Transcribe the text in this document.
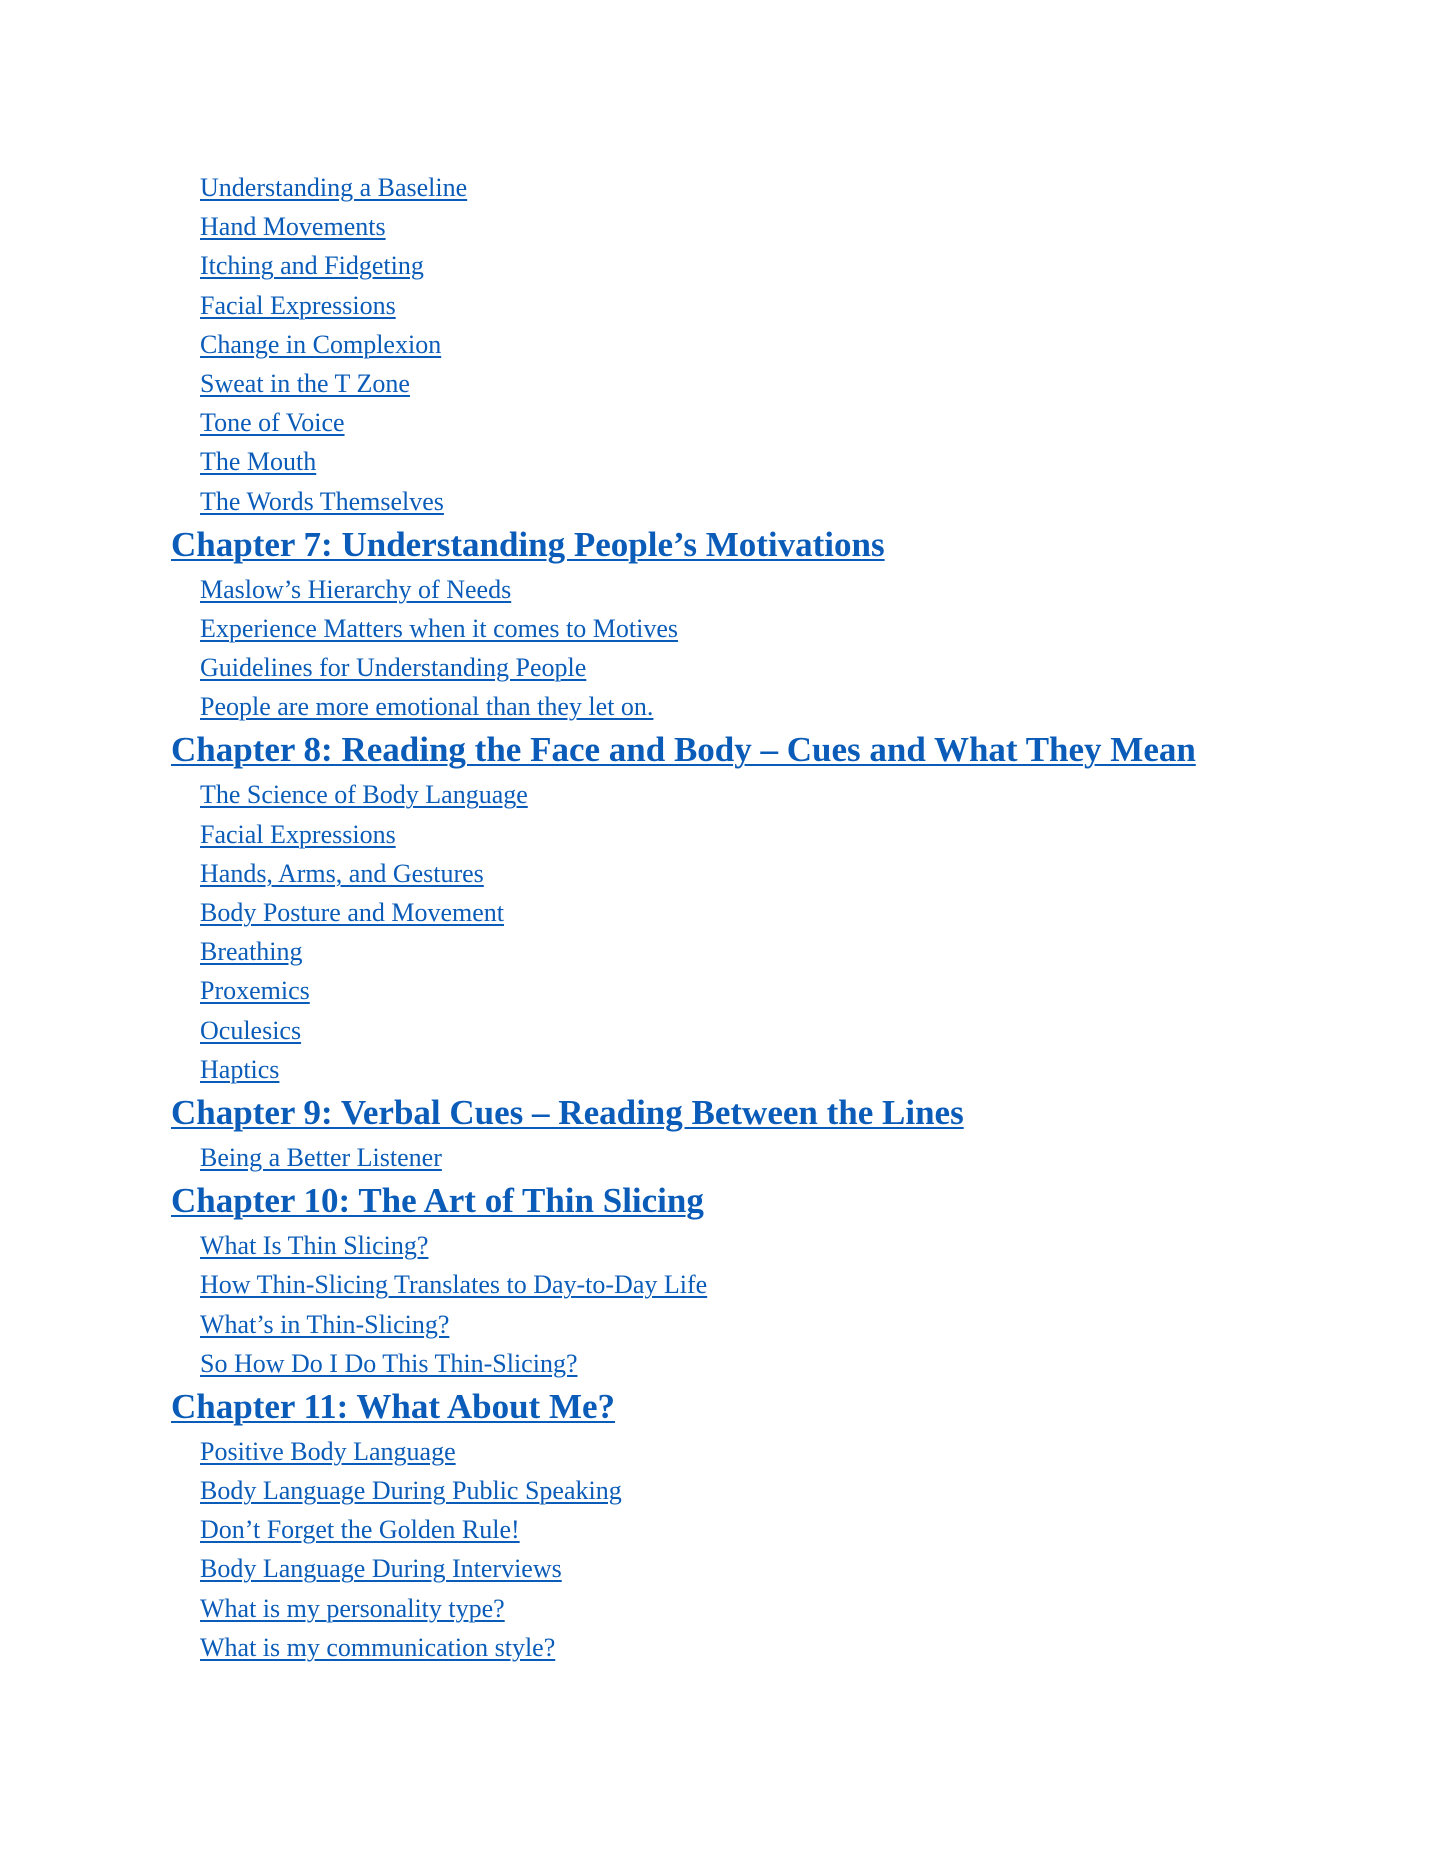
Understanding a Baseline
Hand Movements
Itching and Fidgeting
Facial Expressions
Change in Complexion
Sweat in the T Zone
Tone of Voice
The Mouth
The Words Themselves
Chapter 7: Understanding People’s Motivations
Maslow’s Hierarchy of Needs
Experience Matters when it comes to Motives
Guidelines for Understanding People
People are more emotional than they let on.
Chapter 8: Reading the Face and Body – Cues and What They Mean
The Science of Body Language
Facial Expressions
Hands, Arms, and Gestures
Body Posture and Movement
Breathing
Proxemics
Oculesics
Haptics
Chapter 9: Verbal Cues – Reading Between the Lines
Being a Better Listener
Chapter 10: The Art of Thin Slicing
What Is Thin Slicing?
How Thin-Slicing Translates to Day-to-Day Life
What’s in Thin-Slicing?
So How Do I Do This Thin-Slicing?
Chapter 11: What About Me?
Positive Body Language
Body Language During Public Speaking
Don’t Forget the Golden Rule!
Body Language During Interviews
What is my personality type?
What is my communication style?
